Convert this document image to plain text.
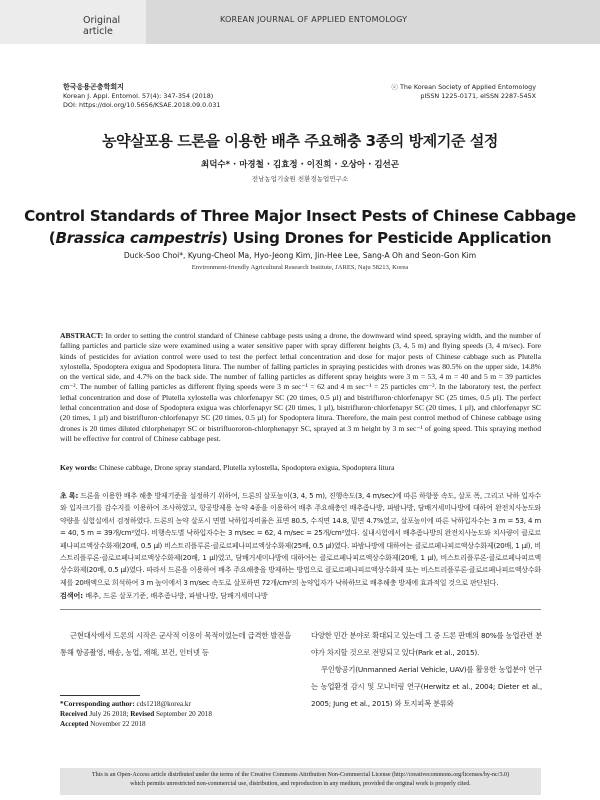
Original article
KOREAN JOURNAL OF APPLIED ENTOMOLOGY
한국응용곤충학회지
Korean J. Appl. Entomol. 57(4): 347-354 (2018)
DOI: https://doi.org/10.5656/KSAE.2018.09.0.031
ⓒ The Korean Society of Applied Entomology
pISSN 1225-0171, eISSN 2287-545X
농약살포용 드론을 이용한 배추 주요해충 3종의 방제기준 설정
최덕수* · 마경철 · 김효정 · 이진희 · 오상아 · 김선곤
전남농업기술원 친환경농업연구소
Control Standards of Three Major Insect Pests of Chinese Cabbage
(Brassica campestris) Using Drones for Pesticide Application
Duck-Soo Choi*, Kyung-Cheol Ma, Hyo-Jeong Kim, Jin-Hee Lee, Sang-A Oh and Seon-Gon Kim
Environment-friendly Agricultural Research Institute, JARES, Naju 58213, Korea
ABSTRACT: In order to setting the control standard of Chinese cabbage pests using a drone, the downward wind speed, spraying width, and the number of falling particles and particle size were examined using a water sensitive paper with spray different heights (3, 4, 5 m) and flying speeds (3, 4 m/sec). Fore kinds of pesticides for aviation control were used to test the perfect lethal concentration and dose for major pests of Chinese cabbage such as Plutella xylostella, Spodoptera exigua and Spodoptera litura. The number of falling particles in spraying pesticides with drones was 80.5% on the upper side, 14.8% on the vertical side, and 4.7% on the back side. The number of falling particles as different spray heights were 3 m = 53, 4 m = 40 and 5 m = 39 particles cm⁻². The number of falling particles as different flying speeds were 3 m sec⁻¹ = 62 and 4 m sec⁻¹ = 25 particles cm⁻². In the laboratory test, the perfect lethal concentration and dose of Plutella xylostella was chlorfenapyr SC (20 times, 0.5 µl) and bistrifluron·chlorfenapyr SC (25 times, 0.5 µl). The perfect lethal concentration and dose of Spodoptera exigua was chlorfenapyr SC (20 times, 1 µl), bistrifluron·chlorfenapyr SC (20 times, 1 µl), and chlorfenapyr SC (20 times, 1 µl) and bistrifluron·chlorfenapyr SC (20 times, 0.5 µl) for Spodoptera litura. Therefore, the main pest control method of Chinese cabbage using drones is 20 times diluted chlorphenapyr SC or bistrifluororon-chlorphenapyr SC, sprayed at 3 m height by 3 m sec⁻¹ of going speed. This spraying method will be effective for control of Chinese cabbage pest.
Key words: Chinese cabbage, Drone spray standard, Plutella xylostella, Spodoptera exigua, Spodoptera litura
초 록: 드론을 이용한 배추 해충 방제기준을 설정하기 위하여, 드론의 살포높이(3, 4, 5 m), 진행속도(3, 4 m/sec)에 따른 하향풍 속도, 살포 폭, 그리고 낙하 입자수와 입자크기를 감수지를 이용하여 조사하였고, 항공방제용 농약 4종을 이용하여 배추 주요해충인 배추좀나방, 파밤나방, 담배거세미나방에 대하여 완전치사농도와 약량을 실험실에서 검정하였다. 드론의 농약 살포시 면별 낙하입자비율은 표면 80.5, 수직면 14.8, 밑면 4.7%였고, 살포높이에 따른 낙하입자수는 3 m = 53, 4 m = 40, 5 m = 39개/cm²였다. 비행속도별 낙하입자수는 3 m/sec = 62, 4 m/sec = 25개/cm²였다. 실내시험에서 배추좀나방의 완전치사농도와 치사량이 클로르페나피르액상수화제(20배, 0.5 µl) 비스트리플루론·클로르페나피르액상수화제(25배, 0.5 µl)였다. 파밤나방에 대하여는 클로르페나피르액상수화제(20배, 1 µl), 비스트리플루론·클로르페나피르액상수화제(20배, 1 µl)였고, 담배거세미나방에 대하여는 클로르페나피르액상수화제(20배, 1 µl), 비스트리플루론·클로르페나피르액상수화제(20배, 0.5 µl)였다. 따라서 드론을 이용하여 배추 주요해충을 방제하는 방법으로 클로르페나피르액상수화제 또는 비스트리플루론·클로르페나피르액상수화제를 20배액으로 희석하여 3 m 높이에서 3 m/sec 속도로 살포하면 72개/cm²의 농약입자가 낙하하므로 배추해충 방제에 효과적일 것으로 판단된다.
검색어: 배추, 드론 살포기준, 배추좀나방, 파밤나방, 담배거세미나방
근현대사에서 드론의 시작은 군사적 이용이 목적이었는데 급격한 발전을 통해 항공촬영, 배송, 농업, 재해, 보건, 인터넷 등
다양한 민간 분야로 확대되고 있는데 그 중 드론 판매의 80%를 농업관련 분야가 차지할 것으로 전망되고 있다(Park et al., 2015).
무인항공기(Unmanned Aerial Vehicle, UAV)를 활용한 농업분야 연구는 농업환경 감시 및 모니터링 연구(Herwitz et al., 2004; Dieter et al., 2005; Jung et al., 2015) 와 토지피복 분류와
*Corresponding author: cds1218@korea.kr
Received July 26 2018; Revised September 20 2018
Accepted November 22 2018
This is an Open-Access article distributed under the terms of the Creative Commons Attribution Non-Commercial License (http://creativecommons.org/licenses/by-nc/3.0)
which permits unrestricted non-commercial use, distribution, and reproduction in any medium, provided the original work is properly cited.
